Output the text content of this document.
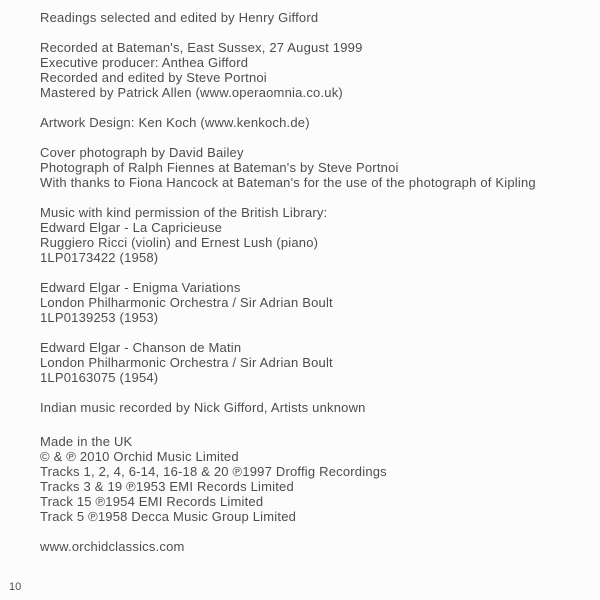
Readings selected and edited by Henry Gifford
Recorded at Bateman's, East Sussex, 27 August 1999
Executive producer: Anthea Gifford
Recorded and edited by Steve Portnoi
Mastered by Patrick Allen (www.operaomnia.co.uk)
Artwork Design: Ken Koch (www.kenkoch.de)
Cover photograph by David Bailey
Photograph of Ralph Fiennes at Bateman's by Steve Portnoi
With thanks to Fiona Hancock at Bateman's for the use of the photograph of Kipling
Music with kind permission of the British Library:
Edward Elgar - La Capricieuse
Ruggiero Ricci (violin) and Ernest Lush (piano)
1LP0173422 (1958)
Edward Elgar - Enigma Variations
London Philharmonic Orchestra / Sir Adrian Boult
1LP0139253 (1953)
Edward Elgar - Chanson de Matin
London Philharmonic Orchestra / Sir Adrian Boult
1LP0163075 (1954)
Indian music recorded by Nick Gifford, Artists unknown
Made in the UK
© & ℗ 2010 Orchid Music Limited
Tracks 1, 2, 4, 6-14, 16-18 & 20 ℗1997 Droffig Recordings
Tracks 3 & 19 ℗1953 EMI Records Limited
Track 15 ℗1954 EMI Records Limited
Track 5 ℗1958 Decca Music Group Limited
www.orchidclassics.com
10
